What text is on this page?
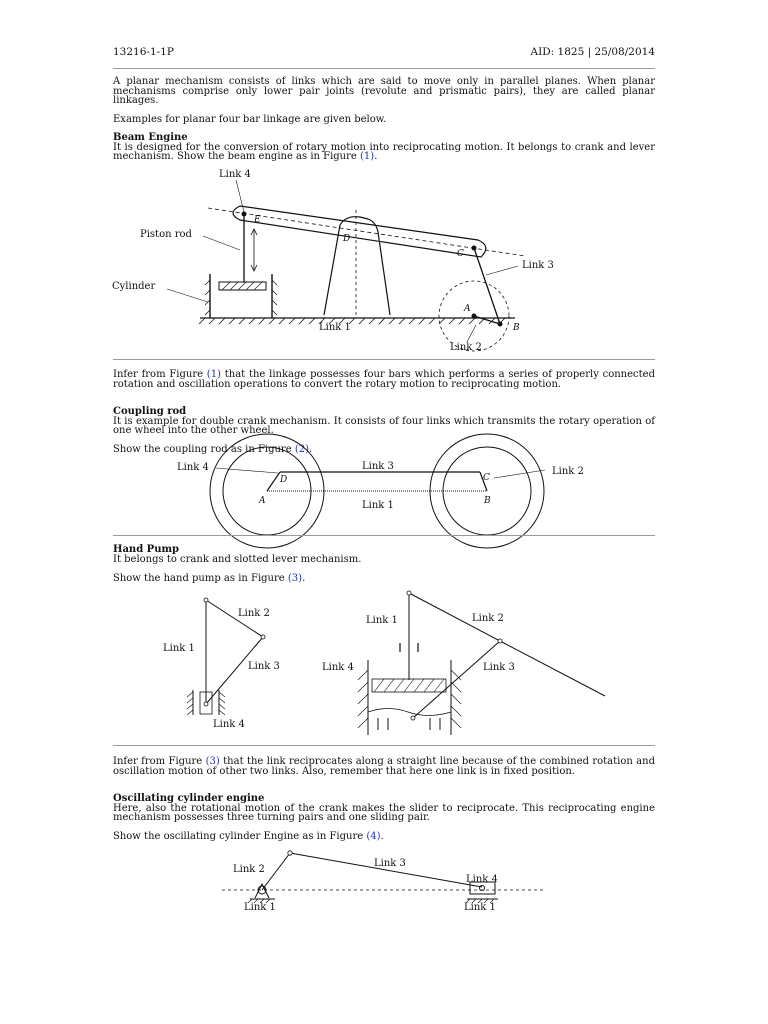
13216-1-1P	AID: 1825 | 25/08/2014

A planar mechanism consists of links which are said to move only in parallel planes. When planar mechanisms comprise only lower pair joints (revolute and prismatic pairs), they are called planar linkages.

Examples for planar four bar linkage are given below.

Beam Engine
It is designed for the conversion of rotary motion into reciprocating motion. It belongs to crank and lever mechanism. Show the beam engine as in Figure (1).

Link 4
Piston rod
Cylinder
Link 1
Link 2
Link 3
E
D
C
A
B

Infer from Figure (1) that the linkage possesses four bars which performs a series of properly connected rotation and oscillation operations to convert the rotary motion to reciprocating motion.

Coupling rod
It is example for double crank mechanism. It consists of four links which transmits the rotary operation of one wheel into the other wheel.

Show the coupling rod as in Figure (2).

Link 4	Link 3	Link 2
Link 1
D
A
C
B

Hand Pump
It belongs to crank and slotted lever mechanism.

Show the hand pump as in Figure (3).

Link 2
Link 1
Link 3
Link 4
Link 1	Link 2
Link 4	Link 3

Infer from Figure (3) that the link reciprocates along a straight line because of the combined rotation and oscillation motion of other two links. Also, remember that here one link is in fixed position.

Oscillating cylinder engine
Here, also the rotational motion of the crank makes the slider to reciprocate. This reciprocating engine mechanism possesses three turning pairs and one sliding pair.

Show the oscillating cylinder Engine as in Figure (4).

Link 2
Link 3
Link 4
Link 1	Link 1
